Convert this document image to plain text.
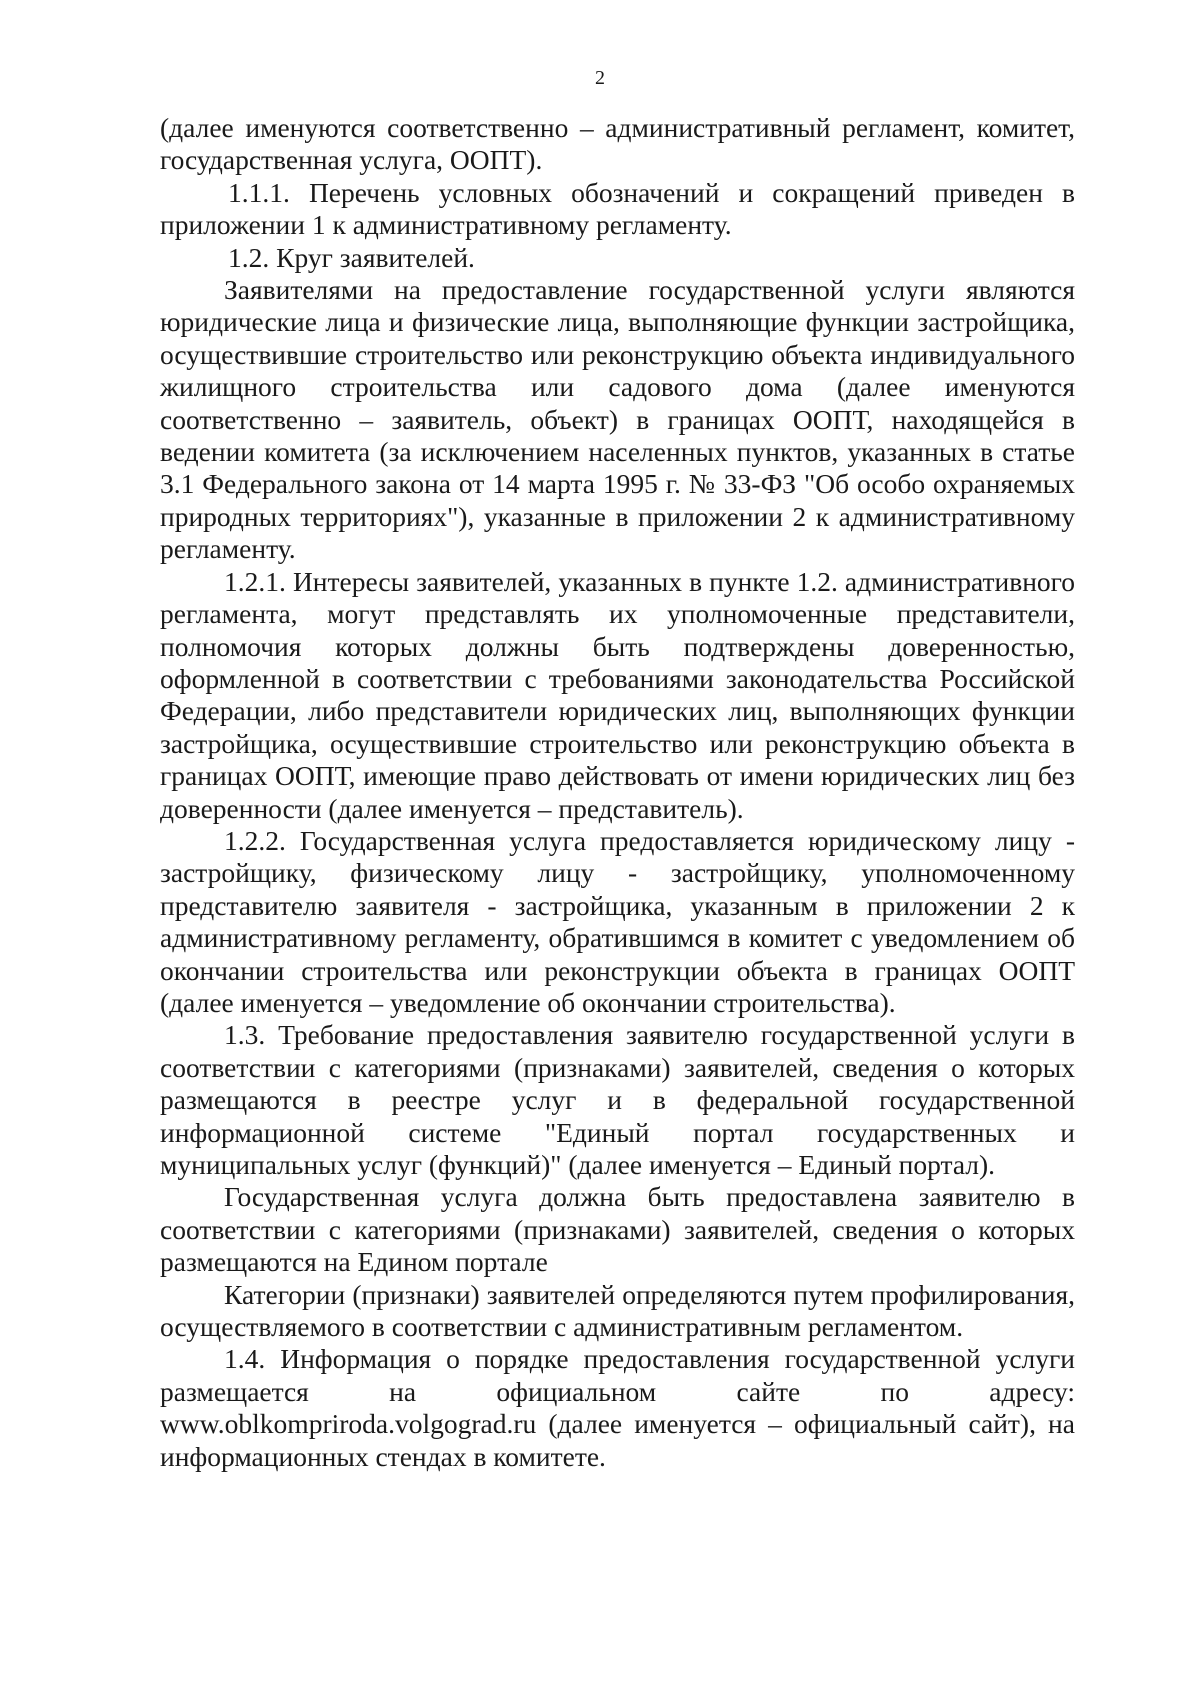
2

(далее именуются соответственно – административный регламент, комитет, государственная услуга, ООПТ).

1.1.1. Перечень условных обозначений и сокращений приведен в приложении 1 к административному регламенту.

1.2. Круг заявителей.

Заявителями на предоставление государственной услуги являются юридические лица и физические лица, выполняющие функции застройщика, осуществившие строительство или реконструкцию объекта индивидуального жилищного строительства или садового дома (далее именуются соответственно – заявитель, объект) в границах ООПТ, находящейся в ведении комитета (за исключением населенных пунктов, указанных в статье 3.1 Федерального закона от 14 марта 1995 г. № 33-ФЗ "Об особо охраняемых природных территориях"), указанные в приложении 2 к административному регламенту.

1.2.1. Интересы заявителей, указанных в пункте 1.2. административного регламента, могут представлять их уполномоченные представители, полномочия которых должны быть подтверждены доверенностью, оформленной в соответствии с требованиями законодательства Российской Федерации, либо представители юридических лиц, выполняющих функции застройщика, осуществившие строительство или реконструкцию объекта в границах ООПТ, имеющие право действовать от имени юридических лиц без доверенности (далее именуется – представитель).

1.2.2. Государственная услуга предоставляется юридическому лицу - застройщику, физическому лицу - застройщику, уполномоченному представителю заявителя - застройщика, указанным в приложении 2 к административному регламенту, обратившимся в комитет с уведомлением об окончании строительства или реконструкции объекта в границах ООПТ (далее именуется – уведомление об окончании строительства).

1.3. Требование предоставления заявителю государственной услуги в соответствии с категориями (признаками) заявителей, сведения о которых размещаются в реестре услуг и в федеральной государственной информационной системе "Единый портал государственных и муниципальных услуг (функций)" (далее именуется – Единый портал).

Государственная услуга должна быть предоставлена заявителю в соответствии с категориями (признаками) заявителей, сведения о которых размещаются на Едином портале

Категории (признаки) заявителей определяются путем профилирования, осуществляемого в соответствии с административным регламентом.

1.4. Информация о порядке предоставления государственной услуги размещается на официальном сайте по адресу: www.oblkompriroda.volgograd.ru (далее именуется – официальный сайт), на информационных стендах в комитете.
